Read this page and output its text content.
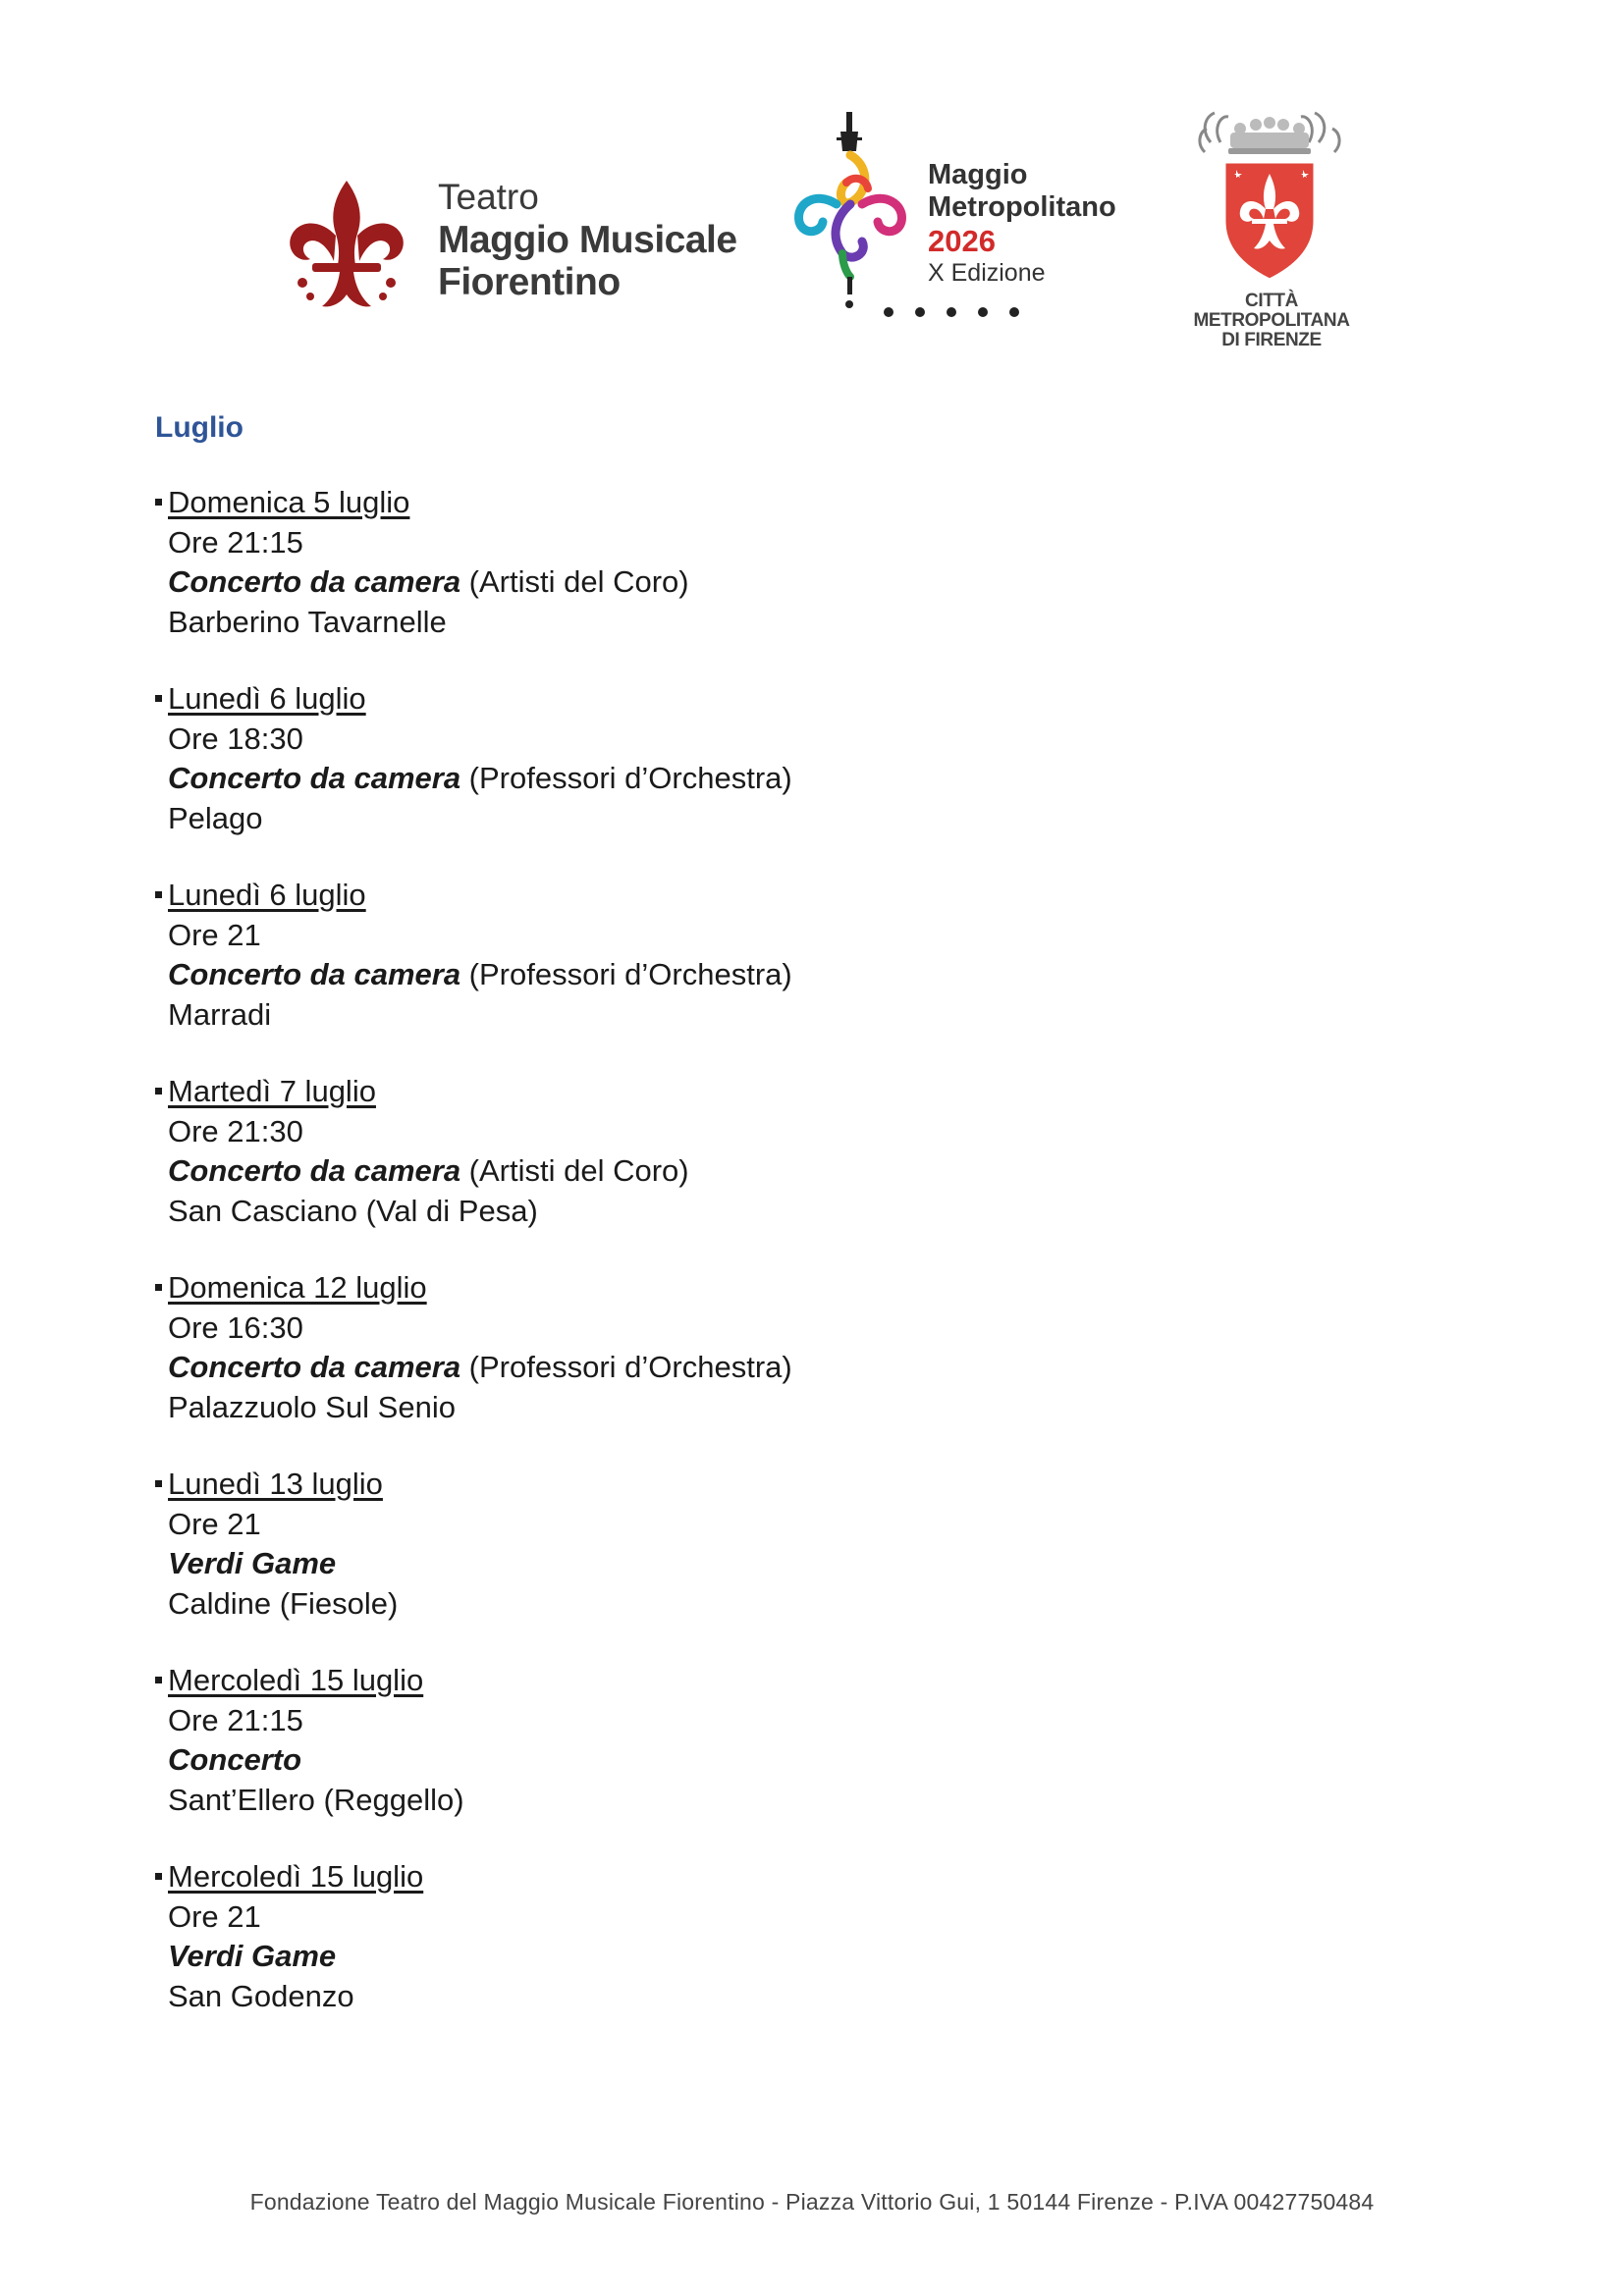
Teatro
Maggio Musicale
Fiorentino
Maggio
Metropolitano
2026
X Edizione
CITTÀ METROPOLITANA
DI FIRENZE
Luglio
Domenica 5 luglio
Ore 21:15
Concerto da camera (Artisti del Coro)
Barberino Tavarnelle
Lunedì 6 luglio
Ore 18:30
Concerto da camera (Professori d’Orchestra)
Pelago
Lunedì 6 luglio
Ore 21
Concerto da camera (Professori d’Orchestra)
Marradi
Martedì 7 luglio
Ore 21:30
Concerto da camera (Artisti del Coro)
San Casciano (Val di Pesa)
Domenica 12 luglio
Ore 16:30
Concerto da camera (Professori d’Orchestra)
Palazzuolo Sul Senio
Lunedì 13 luglio
Ore 21
Verdi Game
Caldine (Fiesole)
Mercoledì 15 luglio
Ore 21:15
Concerto
Sant’Ellero (Reggello)
Mercoledì 15 luglio
Ore 21
Verdi Game
San Godenzo
Fondazione Teatro del Maggio Musicale Fiorentino - Piazza Vittorio Gui, 1 50144 Firenze - P.IVA 00427750484
